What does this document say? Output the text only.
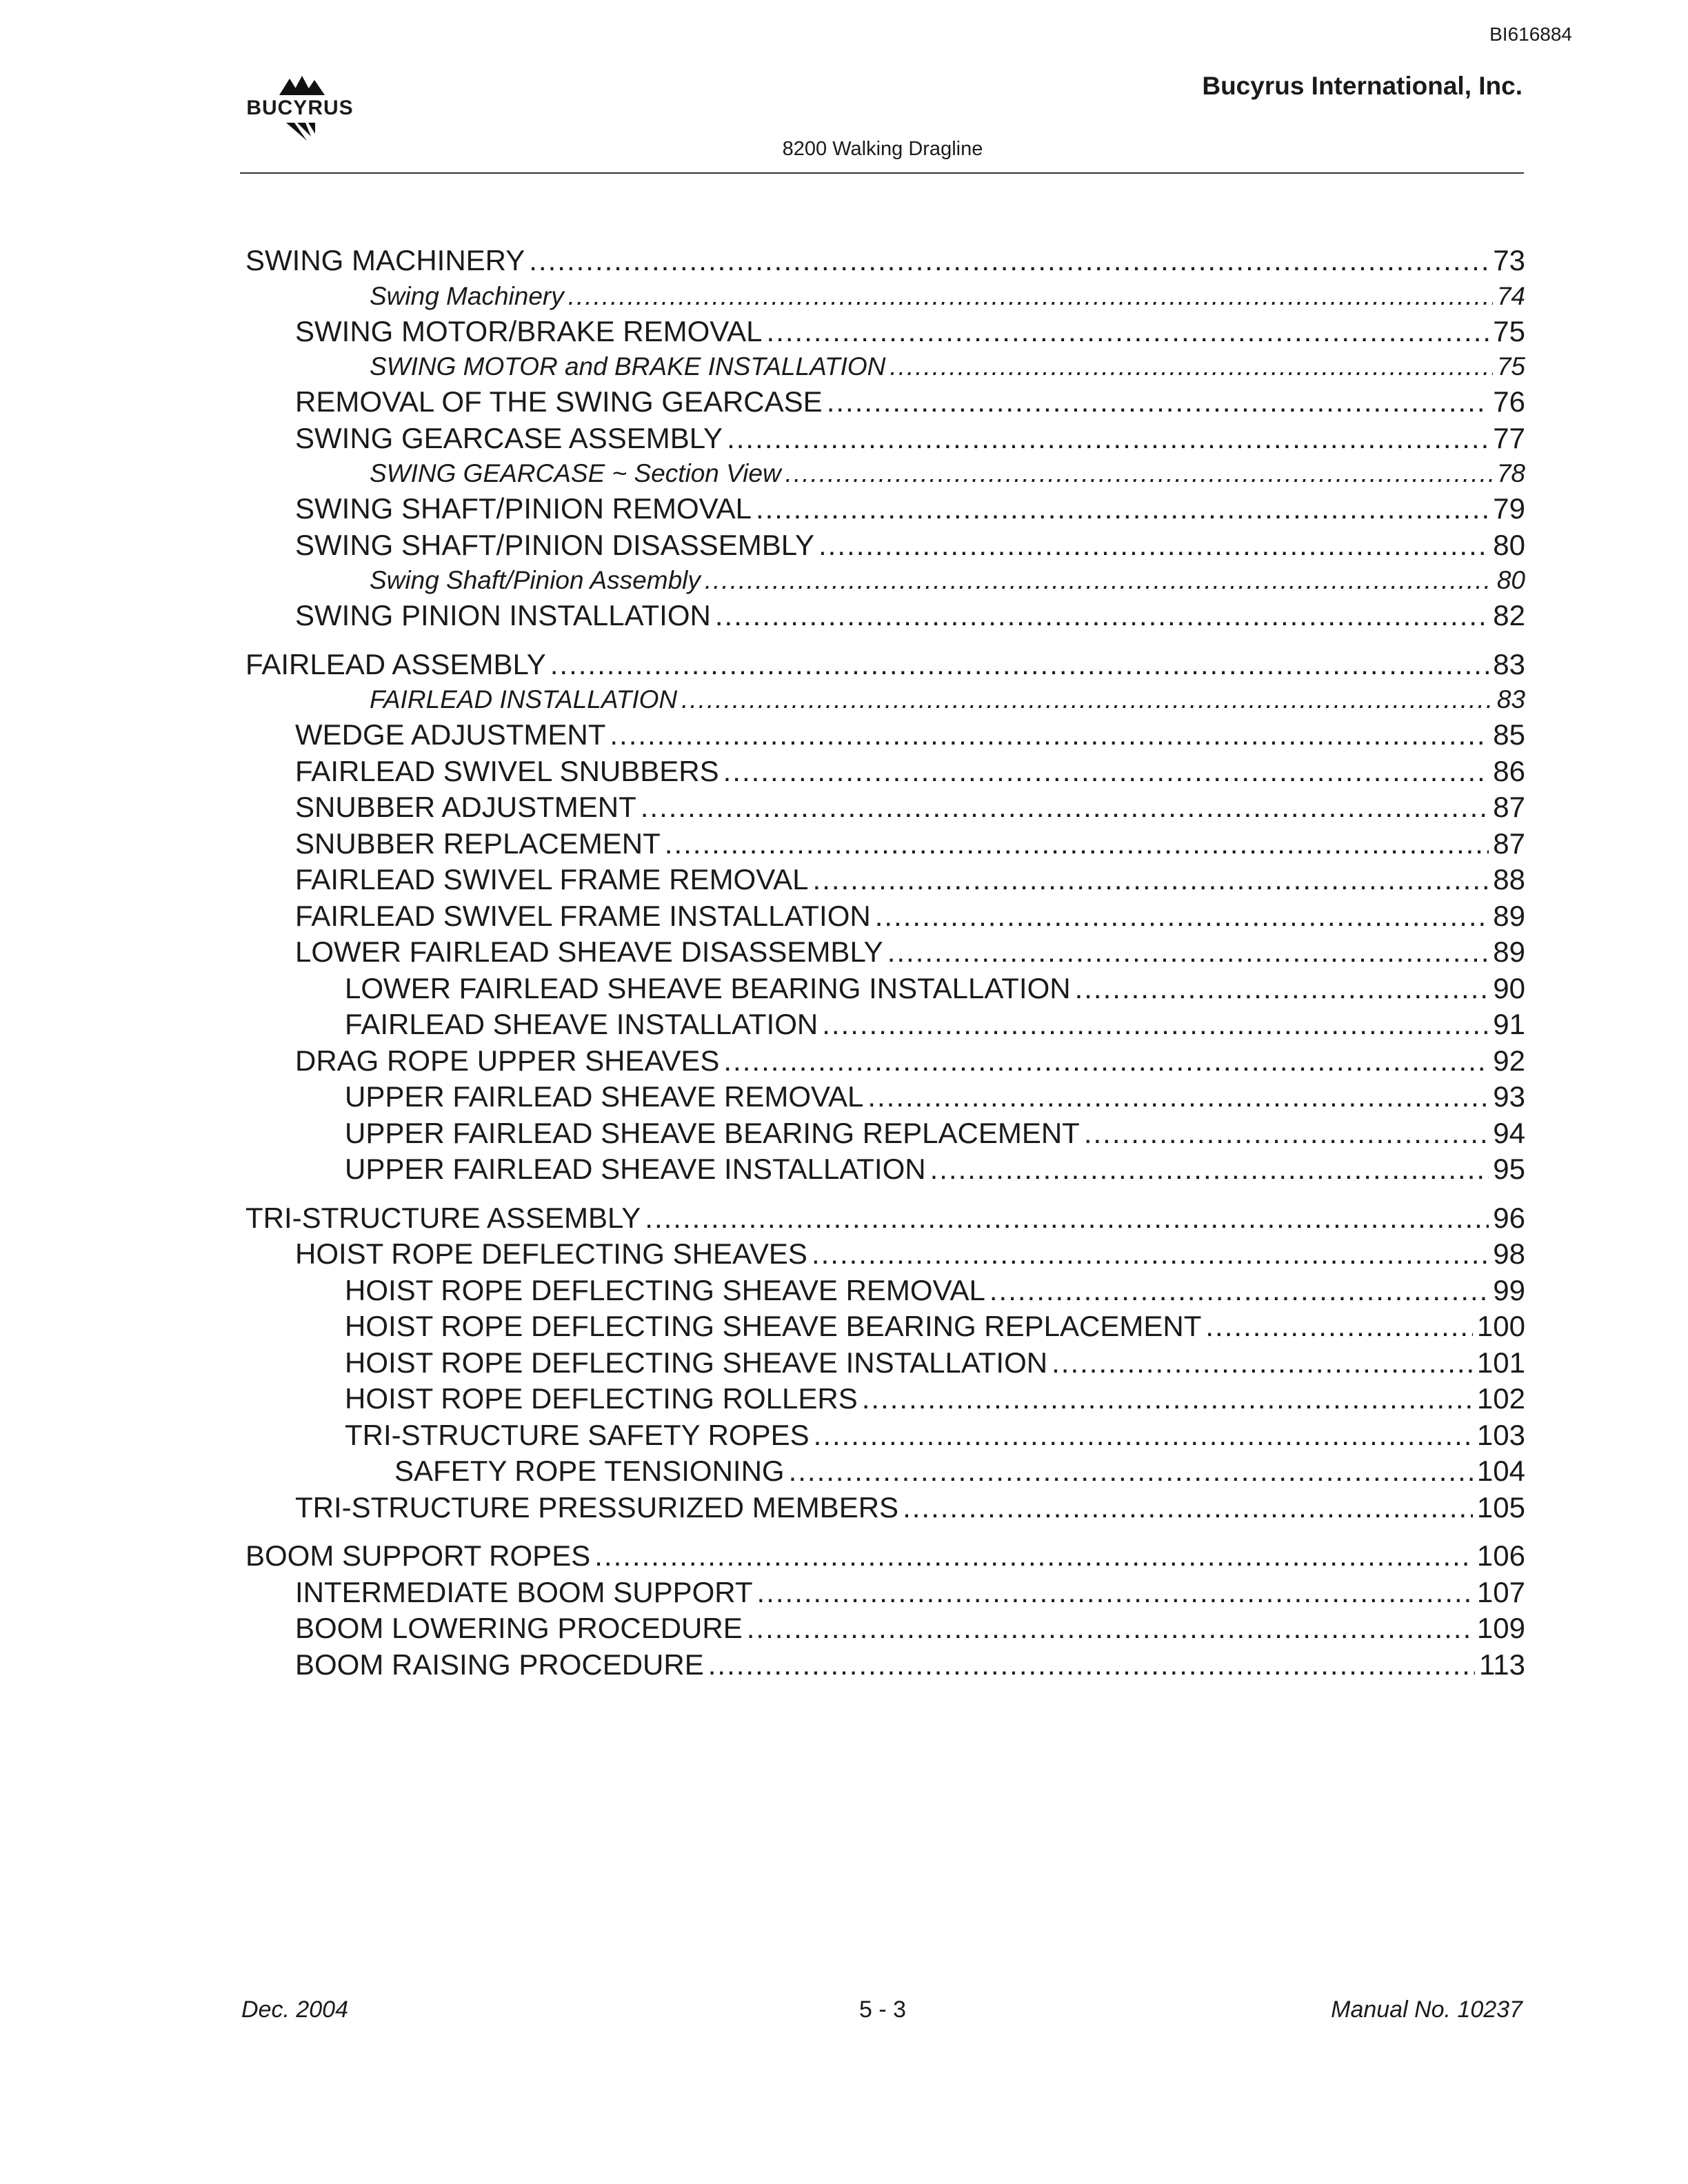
BI616884
Bucyrus International, Inc.
BUCYRUS
8200 Walking Dragline
SWING MACHINERY .....	73
Swing Machinery .....	74
SWING MOTOR/BRAKE REMOVAL .....	75
SWING MOTOR and BRAKE INSTALLATION .....	75
REMOVAL OF THE SWING GEARCASE .....	76
SWING GEARCASE ASSEMBLY .....	77
SWING GEARCASE ~ Section View .....	78
SWING SHAFT/PINION REMOVAL .....	79
SWING SHAFT/PINION DISASSEMBLY .....	80
Swing Shaft/Pinion Assembly .....	80
SWING PINION INSTALLATION .....	82
FAIRLEAD ASSEMBLY .....	83
FAIRLEAD INSTALLATION .....	83
WEDGE ADJUSTMENT .....	85
FAIRLEAD SWIVEL SNUBBERS .....	86
SNUBBER ADJUSTMENT .....	87
SNUBBER REPLACEMENT .....	87
FAIRLEAD SWIVEL FRAME REMOVAL .....	88
FAIRLEAD SWIVEL FRAME INSTALLATION .....	89
LOWER FAIRLEAD SHEAVE DISASSEMBLY .....	89
LOWER FAIRLEAD SHEAVE BEARING INSTALLATION .....	90
FAIRLEAD SHEAVE INSTALLATION .....	91
DRAG ROPE UPPER SHEAVES .....	92
UPPER FAIRLEAD SHEAVE REMOVAL .....	93
UPPER FAIRLEAD SHEAVE BEARING REPLACEMENT .....	94
UPPER FAIRLEAD SHEAVE INSTALLATION .....	95
TRI-STRUCTURE ASSEMBLY .....	96
HOIST ROPE DEFLECTING SHEAVES .....	98
HOIST ROPE DEFLECTING SHEAVE REMOVAL .....	99
HOIST ROPE DEFLECTING SHEAVE BEARING REPLACEMENT .....	100
HOIST ROPE DEFLECTING SHEAVE INSTALLATION .....	101
HOIST ROPE DEFLECTING ROLLERS .....	102
TRI-STRUCTURE SAFETY ROPES .....	103
SAFETY ROPE TENSIONING .....	104
TRI-STRUCTURE PRESSURIZED MEMBERS .....	105
BOOM SUPPORT ROPES .....	106
INTERMEDIATE BOOM SUPPORT .....	107
BOOM LOWERING PROCEDURE .....	109
BOOM RAISING PROCEDURE .....	113
Dec. 2004	5 - 3	Manual No. 10237
